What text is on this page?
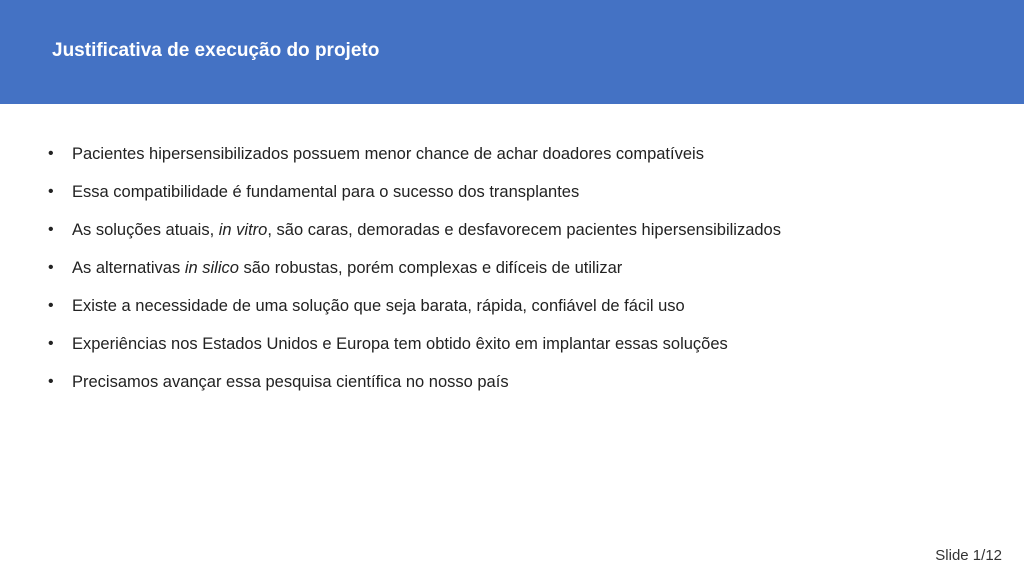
Justificativa de execução do projeto
• Pacientes hipersensibilizados possuem menor chance de achar doadores compatíveis
• Essa compatibilidade é fundamental para o sucesso dos transplantes
• As soluções atuais, in vitro, são caras, demoradas e desfavorecem pacientes hipersensibilizados
• As alternativas in silico são robustas, porém complexas e difíceis de utilizar
• Existe a necessidade de uma solução que seja barata, rápida, confiável de fácil uso
• Experiências nos Estados Unidos e Europa tem obtido êxito em implantar essas soluções
• Precisamos avançar essa pesquisa científica no nosso país
Slide 1/12
